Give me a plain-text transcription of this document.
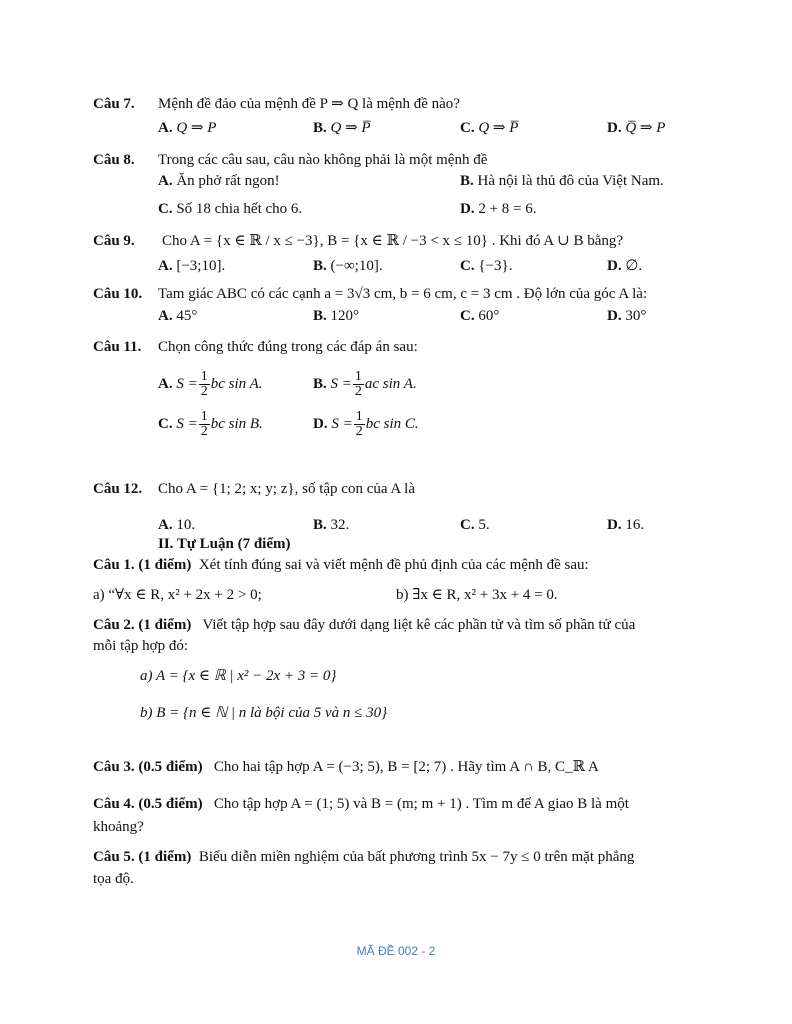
Câu 7. Mệnh đề đảo của mệnh đề P ⇒ Q là mệnh đề nào?
A. Q ⇒ P	B. Q ⇒ P̅	C. Q ⇒ P̅	D. Q̅ ⇒ P
Câu 8. Trong các câu sau, câu nào không phải là một mệnh đề
A. Ăn phở rất ngon!	B. Hà nội là thủ đô của Việt Nam.
C. Số 18 chia hết cho 6.	D. 2 + 8 = 6.
Câu 9. Cho A = {x ∈ ℝ / x ≤ −3}, B = {x ∈ ℝ / −3 < x ≤ 10} . Khi đó A ∪ B bằng?
A. [−3;10].	B. (−∞;10].	C. {−3}.	D. ∅.
Câu 10. Tam giác ABC có các cạnh a = 3√3 cm, b = 6 cm, c = 3 cm . Độ lớn của góc A là:
A. 45°	B. 120°	C. 60°	D. 30°
Câu 11. Chọn công thức đúng trong các đáp án sau:
A. $S = \frac{1}{2}$ bc sin A.	B. $S = \frac{1}{2}$ ac sin A.
C. $S = \frac{1}{2}$ bc sin B.	D. $S = \frac{1}{2}$ bc sin C.
Câu 12. Cho A = {1; 2; x; y; z}, số tập con của A là
A. 10.	B. 32.	C. 5.	D. 16.
II. Tự Luận (7 điểm)
Câu 1. (1 điểm) Xét tính đúng sai và viết mệnh đề phủ định của các mệnh đề sau:
a) “∀x ∈ R, x² + 2x + 2 > 0;	b) ∃x ∈ R, x² + 3x + 4 = 0.
Câu 2. (1 điểm) Viết tập hợp sau đây dưới dạng liệt kê các phần tử và tìm số phần tử của
mỗi tập hợp đó:
a) A = {x ∈ ℝ | x² − 2x + 3 = 0}
b) B = {n ∈ ℕ | n là bội của 5 và n ≤ 30}
Câu 3. (0.5 điểm) Cho hai tập hợp A = (−3; 5), B = [2; 7) . Hãy tìm A ∩ B, C_ℝ A
Câu 4. (0.5 điểm) Cho tập hợp A = (1; 5) và B = (m; m + 1) . Tìm m để A giao B là một
khoảng?
Câu 5. (1 điểm) Biểu diễn miền nghiệm của bất phương trình 5x − 7y ≤ 0 trên mặt phẳng
tọa độ.
MÃ ĐỀ 002 - 2
